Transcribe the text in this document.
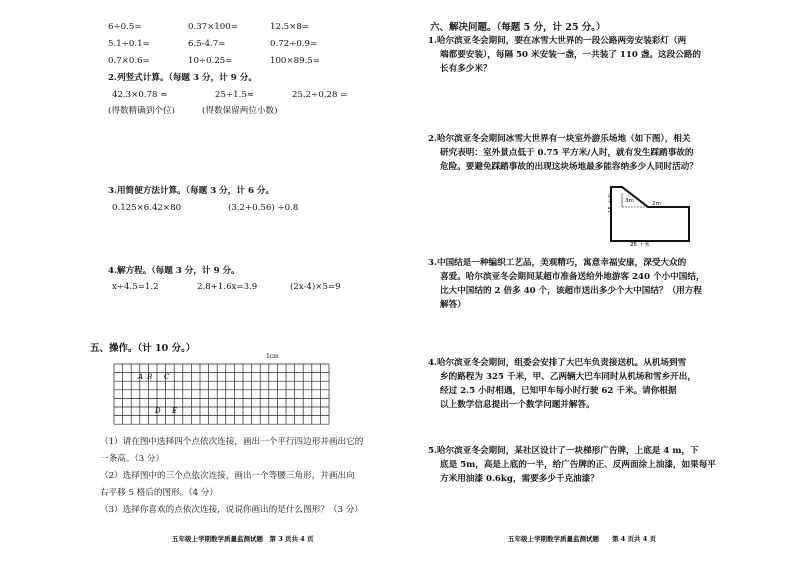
6÷0.5=	0.37×100=	12.5×8=
5.1÷0.1=	6.5-4.7=	0.72÷0.9=
0.7×0.6=	10÷0.25=	100×89.5=
2.列竖式计算。（每题 3 分，计 9 分。
42.3×0.78 ≈	25÷1.5≈	25.2÷0.28 =
(得数精确到个位)	(得数保留两位小数)
3.用简便方法计算。（每题 3 分，计 6 分。
0.125×6.42×80	(3.2+0.56) ÷0.8
4.解方程。（每题 3 分，计 9 分。
x÷4.5=1.2	2.8+1.6x=3.9	(2x-4)×5=9
五、操作。（计 10 分。）
1cm
A B C
D E
（1）请在图中选择四个点依次连接，画出一个平行四边形并画出它的
一条高。（3 分）
（2）选择图中的三个点依次连接，画出一个等腰三角形，并画出向
右平移 5 格后的图形。（4 分）
（3）选择你喜欢的点依次连接，说说你画出的是什么图形？（3 分）
五年级上学期数学质量监测试题　第 3 页共 4 页
六、解决问题。（每题 5 分，计 25 分。）
1.哈尔滨亚冬会期间，要在冰雪大世界的一段公路两旁安装彩灯（两
端都要安装），每隔 50 米安装一盏，一共装了 110 盏。这段公路的
长有多少米？
2.哈尔滨亚冬会期间冰雪大世界有一块室外游乐场地（如下图），相关
研究表明：室外景点低于 0.75 平方米/人时，就有发生踩踏事故的
危险。要避免踩踏事故的出现这块场地最多能容纳多少人同时活动？
2m
3m
15 千米
25 千米
3.中国结是一种编织工艺品，美观精巧，寓意幸福安康，深受大众的
喜爱。哈尔滨亚冬会期间某超市准备送给外地游客 240 个小中国结，
比大中国结的 2 倍多 40 个，该超市送出多少个大中国结？（用方程
解答）
4.哈尔滨亚冬会期间，组委会安排了大巴车负责接送机。从机场到雪
乡的路程为 325 千米，甲、乙两辆大巴车同时从机场和雪乡开出，
经过 2.5 小时相遇，已知甲车每小时行驶 62 千米。请你根据
以上数学信息提出一个数学问题并解答。
5.哈尔滨亚冬会期间，某社区设计了一块梯形广告牌，上底是 4 m，下
底是 5m，高是上底的一半，给广告牌的正、反两面涂上油漆，如果每平
方米用油漆 0.6kg，需要多少千克油漆？
五年级上学期数学质量监测试题　　第 4 页共 4 页
